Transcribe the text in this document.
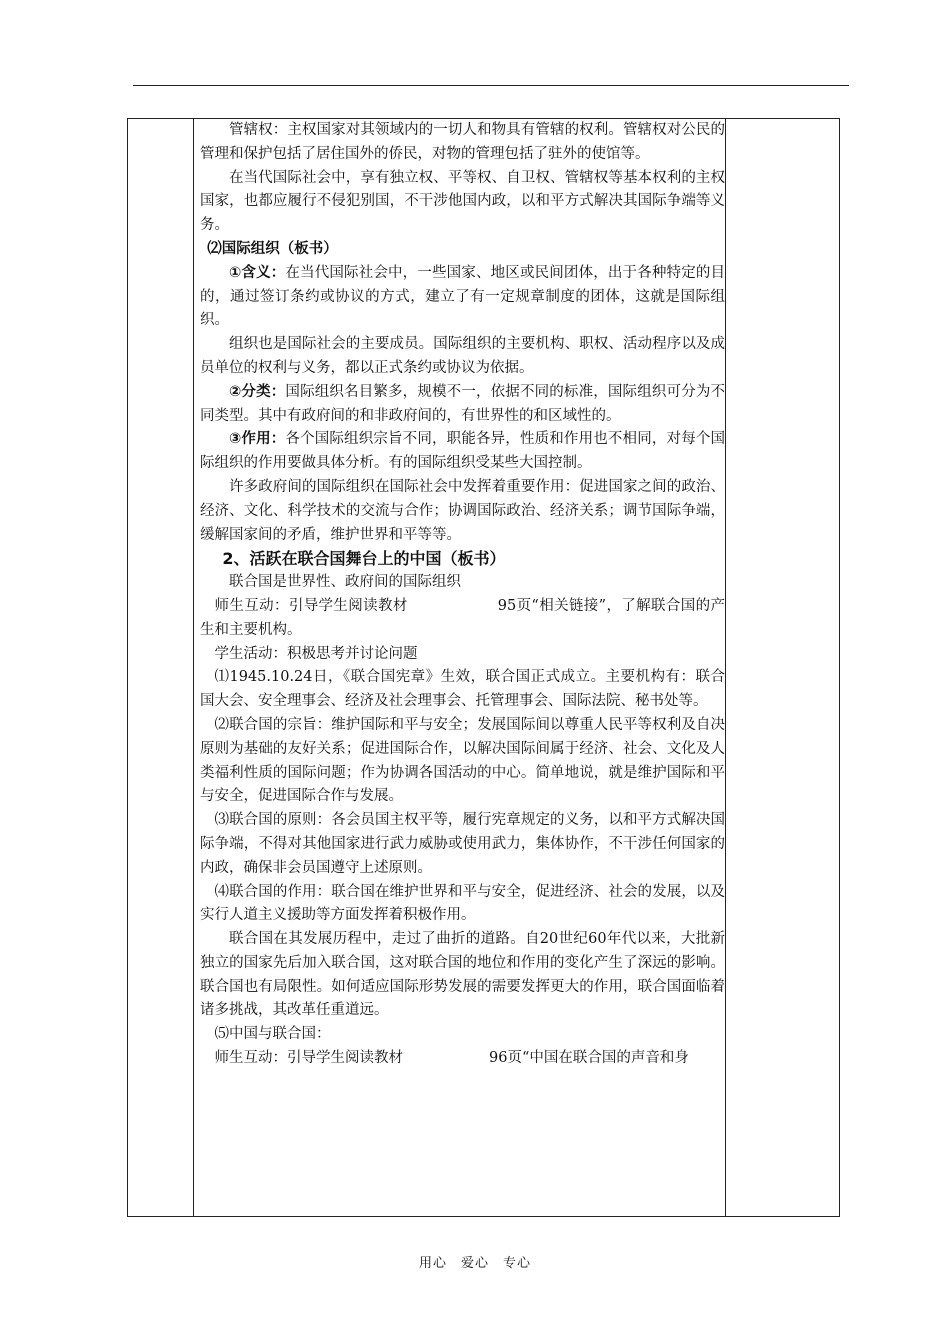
管辖权：主权国家对其领域内的一切人和物具有管辖的权利。管辖权对公民的管理和保护包括了居住国外的侨民，对物的管理包括了驻外的使馆等。

在当代国际社会中，享有独立权、平等权、自卫权、管辖权等基本权利的主权国家，也都应履行不侵犯别国，不干涉他国内政，以和平方式解决其国际争端等义务。

⑵国际组织（板书）

①含义：在当代国际社会中，一些国家、地区或民间团体，出于各种特定的目的，通过签订条约或协议的方式，建立了有一定规章制度的团体，这就是国际组织。

组织也是国际社会的主要成员。国际组织的主要机构、职权、活动程序以及成员单位的权利与义务，都以正式条约或协议为依据。

②分类：国际组织名目繁多，规模不一，依据不同的标准，国际组织可分为不同类型。其中有政府间的和非政府间的，有世界性的和区域性的。

③作用：各个国际组织宗旨不同，职能各异，性质和作用也不相同，对每个国际组织的作用要做具体分析。有的国际组织受某些大国控制。

许多政府间的国际组织在国际社会中发挥着重要作用：促进国家之间的政治、经济、文化、科学技术的交流与合作；协调国际政治、经济关系；调节国际争端，缓解国家间的矛盾，维护世界和平等等。

2、活跃在联合国舞台上的中国（板书）

联合国是世界性、政府间的国际组织

师生互动：引导学生阅读教材	95页“相关链接”，了解联合国的产生和主要机构。

学生活动：积极思考并讨论问题

⑴1945.10.24日，《联合国宪章》生效，联合国正式成立。主要机构有：联合国大会、安全理事会、经济及社会理事会、托管理事会、国际法院、秘书处等。

⑵联合国的宗旨：维护国际和平与安全；发展国际间以尊重人民平等权利及自决原则为基础的友好关系；促进国际合作，以解决国际间属于经济、社会、文化及人类福利性质的国际问题；作为协调各国活动的中心。简单地说，就是维护国际和平与安全，促进国际合作与发展。

⑶联合国的原则：各会员国主权平等，履行宪章规定的义务，以和平方式解决国际争端，不得对其他国家进行武力威胁或使用武力，集体协作，不干涉任何国家的内政，确保非会员国遵守上述原则。

⑷联合国的作用：联合国在维护世界和平与安全，促进经济、社会的发展，以及实行人道主义援助等方面发挥着积极作用。

联合国在其发展历程中，走过了曲折的道路。自20世纪60年代以来，大批新独立的国家先后加入联合国，这对联合国的地位和作用的变化产生了深远的影响。联合国也有局限性。如何适应国际形势发展的需要发挥更大的作用，联合国面临着诸多挑战，其改革任重道远。

⑸中国与联合国：

师生互动：引导学生阅读教材	96页“中国在联合国的声音和身

用心　爱心　专心
